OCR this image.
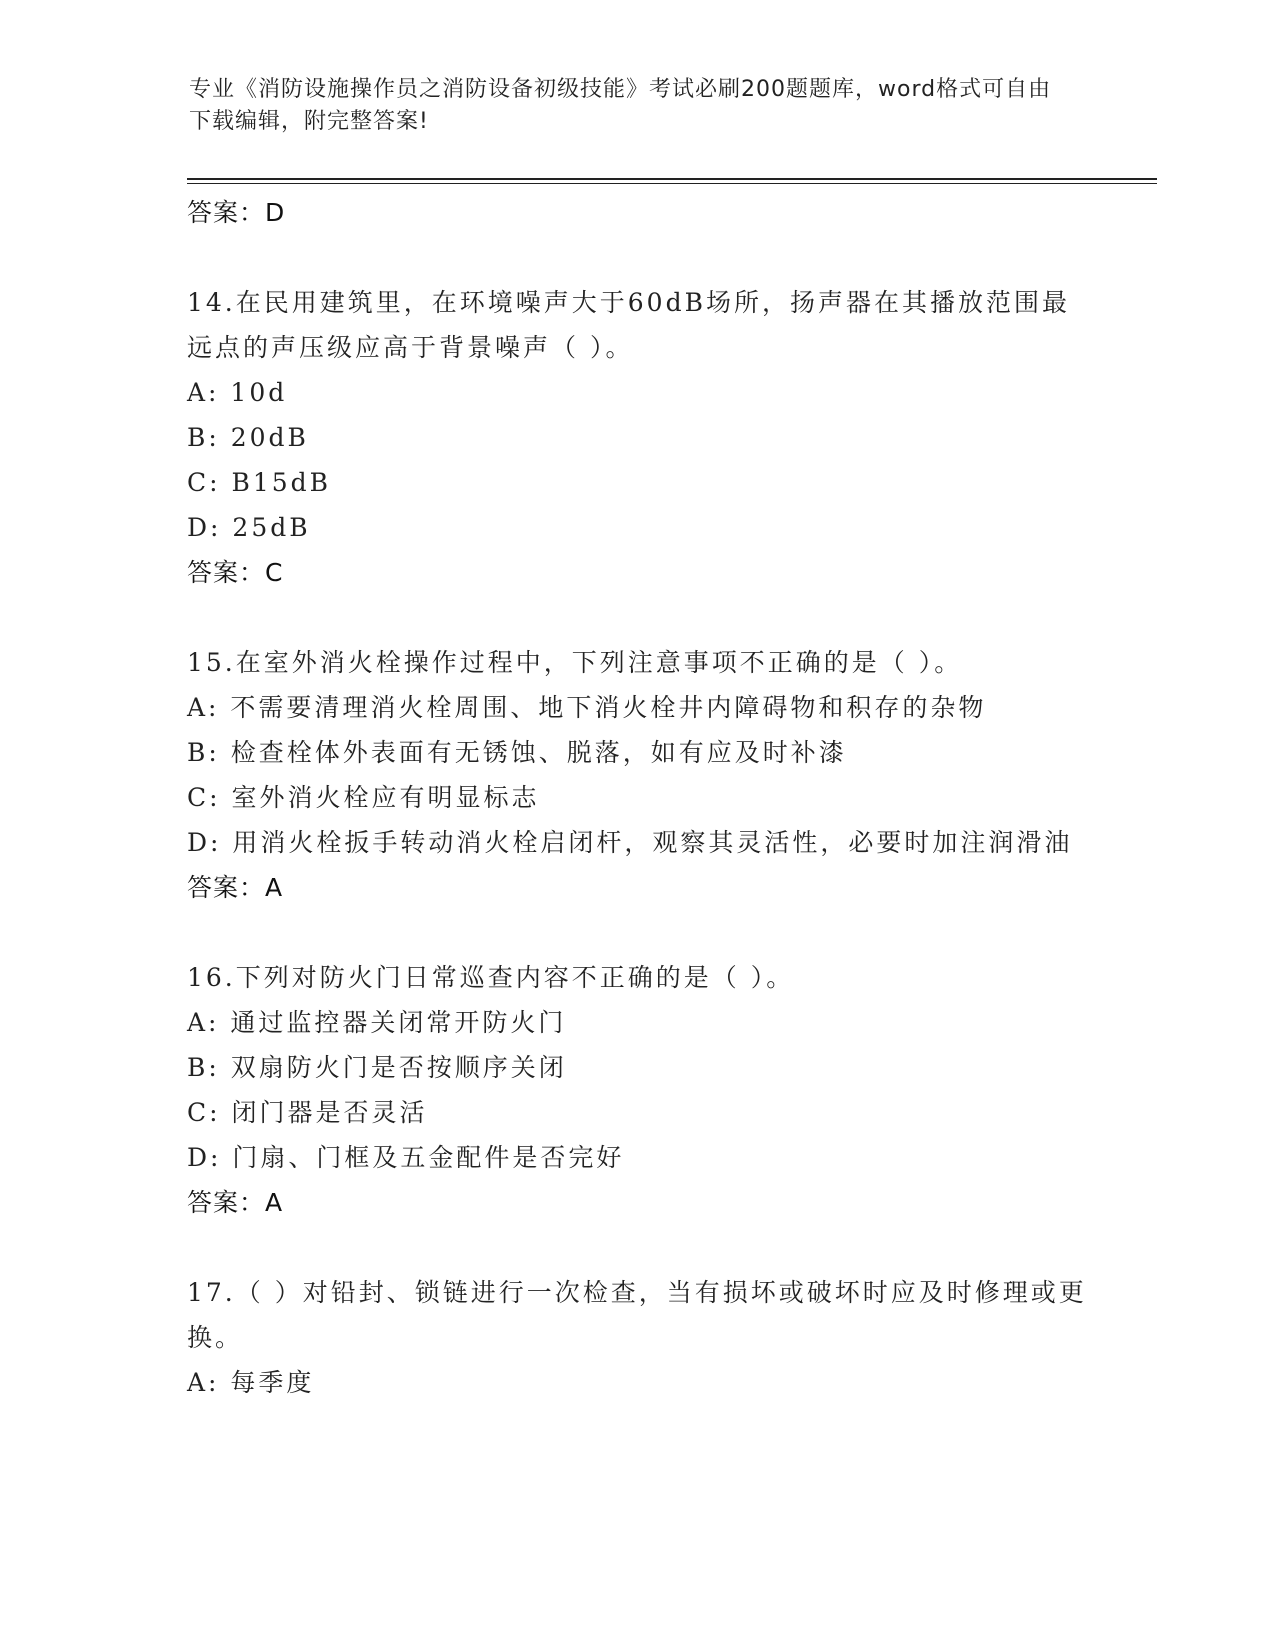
专业《消防设施操作员之消防设备初级技能》考试必刷200题题库，word格式可自由下载编辑，附完整答案!
答案：D
14.在民用建筑里，在环境噪声大于60dB场所，扬声器在其播放范围最远点的声压级应高于背景噪声（ ）。
A: 10d
B: 20dB
C: B15dB
D: 25dB
答案：C
15.在室外消火栓操作过程中，下列注意事项不正确的是（ ）。
A: 不需要清理消火栓周围、地下消火栓井内障碍物和积存的杂物
B: 检查栓体外表面有无锈蚀、脱落，如有应及时补漆
C: 室外消火栓应有明显标志
D: 用消火栓扳手转动消火栓启闭杆，观察其灵活性，必要时加注润滑油
答案：A
16.下列对防火门日常巡查内容不正确的是（ ）。
A: 通过监控器关闭常开防火门
B: 双扇防火门是否按顺序关闭
C: 闭门器是否灵活
D: 门扇、门框及五金配件是否完好
答案：A
17.（ ）对铅封、锁链进行一次检查，当有损坏或破坏时应及时修理或更换。
A: 每季度
